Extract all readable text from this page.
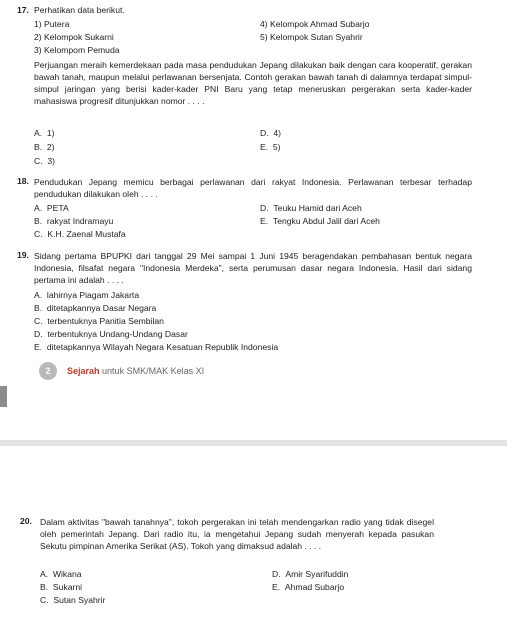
17. Perhatikan data berikut.
1) Putera
2) Kelompok Sukarni
3) Kelompom Pemuda
4) Kelompok Ahmad Subarjo
5) Kelompok Sutan Syahrir
Perjuangan meraih kemerdekaan pada masa pendudukan Jepang dilakukan baik dengan cara kooperatif, gerakan bawah tanah, maupun melalui perlawanan bersenjata. Contoh gerakan bawah tanah di dalamnya terdapat simpul-simpul jaringan yang berisi kader-kader PNI Baru yang tetap meneruskan pergerakan serta kader-kader mahasiswa progresif ditunjukkan nomor . . . .
A. 1)
B. 2)
C. 3)
D. 4)
E. 5)
18. Pendudukan Jepang memicu berbagai perlawanan dari rakyat Indonesia. Perlawanan terbesar terhadap pendudukan dilakukan oleh . . . .
A. PETA
B. rakyat Indramayu
C. K.H. Zaenal Mustafa
D. Teuku Hamid dari Aceh
E. Tengku Abdul Jalil dari Aceh
19. Sidang pertama BPUPKI dari tanggal 29 Mei sampai 1 Juni 1945 beragendakan pembahasan bentuk negara Indonesia, filsafat negara "Indonesia Merdeka", serta perumusan dasar negara Indonesia. Hasil dari sidang pertama ini adalah . . . .
A. lahirnya Piagam Jakarta
B. ditetapkannya Dasar Negara
C. terbentuknya Panitia Sembilan
D. terbentuknya Undang-Undang Dasar
E. ditetapkannya Wilayah Negara Kesatuan Republik Indonesia
2	Sejarah untuk SMK/MAK Kelas XI
20. Dalam aktivitas "bawah tanahnya", tokoh pergerakan ini telah mendengarkan radio yang tidak disegel oleh pemerintah Jepang. Dari radio itu, ia mengetahui Jepang sudah menyerah kepada pasukan Sekutu pimpinan Amerika Serikat (AS). Tokoh yang dimaksud adalah . . . .
A. Wikana
B. Sukarni
C. Sutan Syahrir
D. Amir Syarifuddin
E. Ahmad Subarjo
